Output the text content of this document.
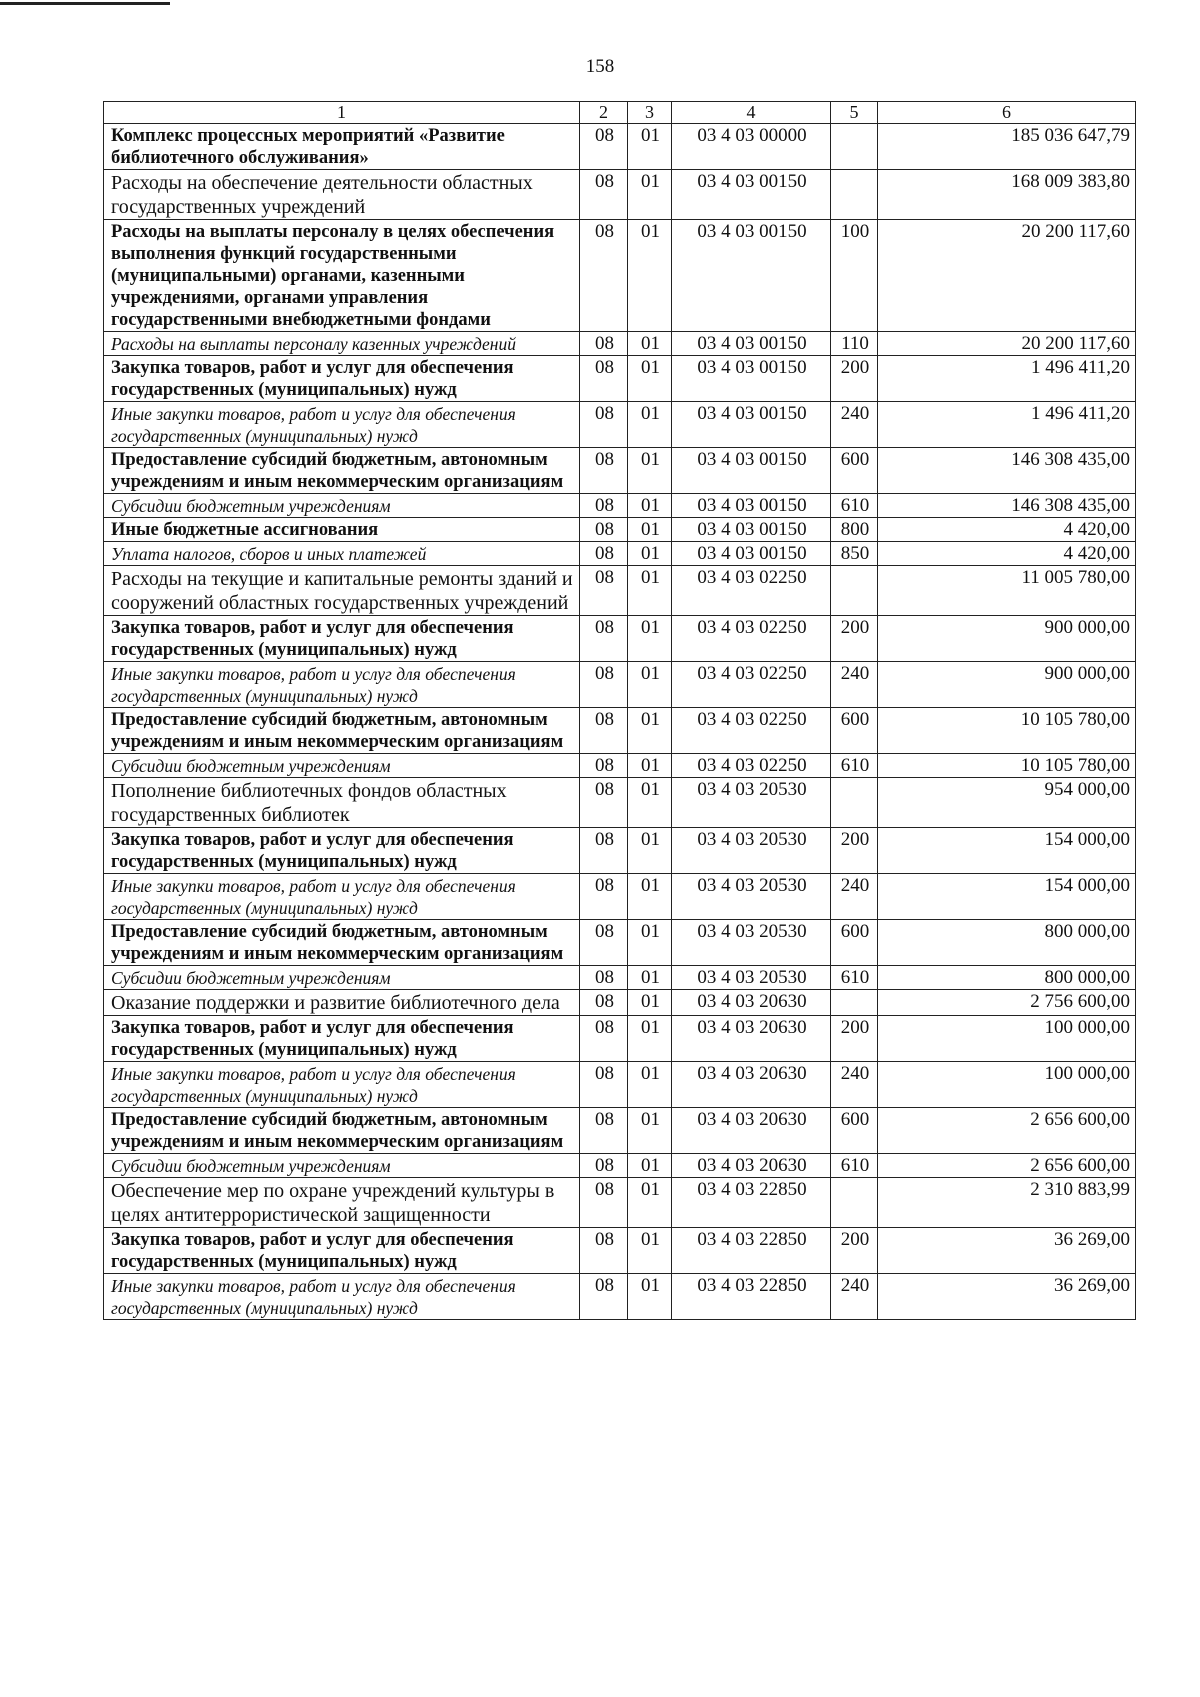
158
1	2	3	4	5	6
Комплекс процессных мероприятий «Развитие библиотечного обслуживания»	08	01	03 4 03 00000		185 036 647,79
Расходы на обеспечение деятельности областных государственных учреждений	08	01	03 4 03 00150		168 009 383,80
Расходы на выплаты персоналу в целях обеспечения выполнения функций государственными (муниципальными) органами, казенными учреждениями, органами управления государственными внебюджетными фондами	08	01	03 4 03 00150	100	20 200 117,60
Расходы на выплаты персоналу казенных учреждений	08	01	03 4 03 00150	110	20 200 117,60
Закупка товаров, работ и услуг для обеспечения государственных (муниципальных) нужд	08	01	03 4 03 00150	200	1 496 411,20
Иные закупки товаров, работ и услуг для обеспечения государственных (муниципальных) нужд	08	01	03 4 03 00150	240	1 496 411,20
Предоставление субсидий бюджетным, автономным учреждениям и иным некоммерческим организациям	08	01	03 4 03 00150	600	146 308 435,00
Субсидии бюджетным учреждениям	08	01	03 4 03 00150	610	146 308 435,00
Иные бюджетные ассигнования	08	01	03 4 03 00150	800	4 420,00
Уплата налогов, сборов и иных платежей	08	01	03 4 03 00150	850	4 420,00
Расходы на текущие и капитальные ремонты зданий и сооружений областных государственных учреждений	08	01	03 4 03 02250		11 005 780,00
Закупка товаров, работ и услуг для обеспечения государственных (муниципальных) нужд	08	01	03 4 03 02250	200	900 000,00
Иные закупки товаров, работ и услуг для обеспечения государственных (муниципальных) нужд	08	01	03 4 03 02250	240	900 000,00
Предоставление субсидий бюджетным, автономным учреждениям и иным некоммерческим организациям	08	01	03 4 03 02250	600	10 105 780,00
Субсидии бюджетным учреждениям	08	01	03 4 03 02250	610	10 105 780,00
Пополнение библиотечных фондов областных государственных библиотек	08	01	03 4 03 20530		954 000,00
Закупка товаров, работ и услуг для обеспечения государственных (муниципальных) нужд	08	01	03 4 03 20530	200	154 000,00
Иные закупки товаров, работ и услуг для обеспечения государственных (муниципальных) нужд	08	01	03 4 03 20530	240	154 000,00
Предоставление субсидий бюджетным, автономным учреждениям и иным некоммерческим организациям	08	01	03 4 03 20530	600	800 000,00
Субсидии бюджетным учреждениям	08	01	03 4 03 20530	610	800 000,00
Оказание поддержки и развитие библиотечного дела	08	01	03 4 03 20630		2 756 600,00
Закупка товаров, работ и услуг для обеспечения государственных (муниципальных) нужд	08	01	03 4 03 20630	200	100 000,00
Иные закупки товаров, работ и услуг для обеспечения государственных (муниципальных) нужд	08	01	03 4 03 20630	240	100 000,00
Предоставление субсидий бюджетным, автономным учреждениям и иным некоммерческим организациям	08	01	03 4 03 20630	600	2 656 600,00
Субсидии бюджетным учреждениям	08	01	03 4 03 20630	610	2 656 600,00
Обеспечение мер по охране учреждений культуры в целях антитеррористической защищенности	08	01	03 4 03 22850		2 310 883,99
Закупка товаров, работ и услуг для обеспечения государственных (муниципальных) нужд	08	01	03 4 03 22850	200	36 269,00
Иные закупки товаров, работ и услуг для обеспечения государственных (муниципальных) нужд	08	01	03 4 03 22850	240	36 269,00
